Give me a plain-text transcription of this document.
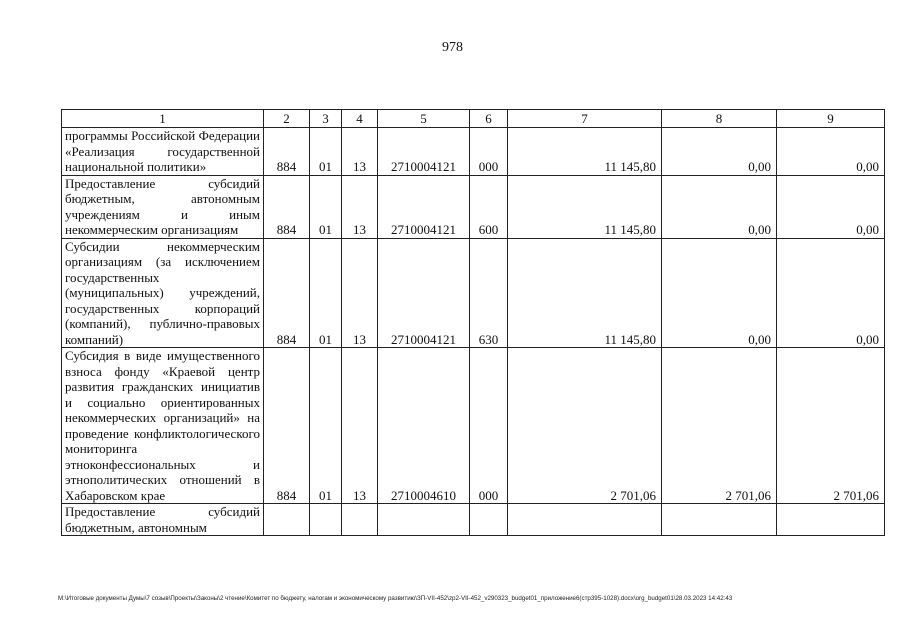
978
1	2	3	4	5	6	7	8	9
программы Российской Федерации «Реализация государственной национальной политики»	884	01	13	2710004121	000	11 145,80	0,00	0,00
Предоставление субсидий бюджетным, автономным учреждениям и иным некоммерческим организациям	884	01	13	2710004121	600	11 145,80	0,00	0,00
Субсидии некоммерческим организациям (за исключением государственных (муниципальных) учреждений, государственных корпораций (компаний), публично-правовых компаний)	884	01	13	2710004121	630	11 145,80	0,00	0,00
Субсидия в виде имущественного взноса фонду «Краевой центр развития гражданских инициатив и социально ориентированных некоммерческих организаций» на проведение конфликтологического мониторинга этноконфессиональных и этнополитических отношений в Хабаровском крае	884	01	13	2710004610	000	2 701,06	2 701,06	2 701,06
Предоставление субсидий бюджетным, автономным								
M:\Итоговые документы Думы\7 созыв\Проекты\Законы\2 чтение\Комитет по бюджету, налогам и экономическому развитию\ЗП-VII-452\zp2-VII-452_v290323_budget01_приложение6(стр395-1028).docx\org_budget01\28.03.2023 14:42:43
